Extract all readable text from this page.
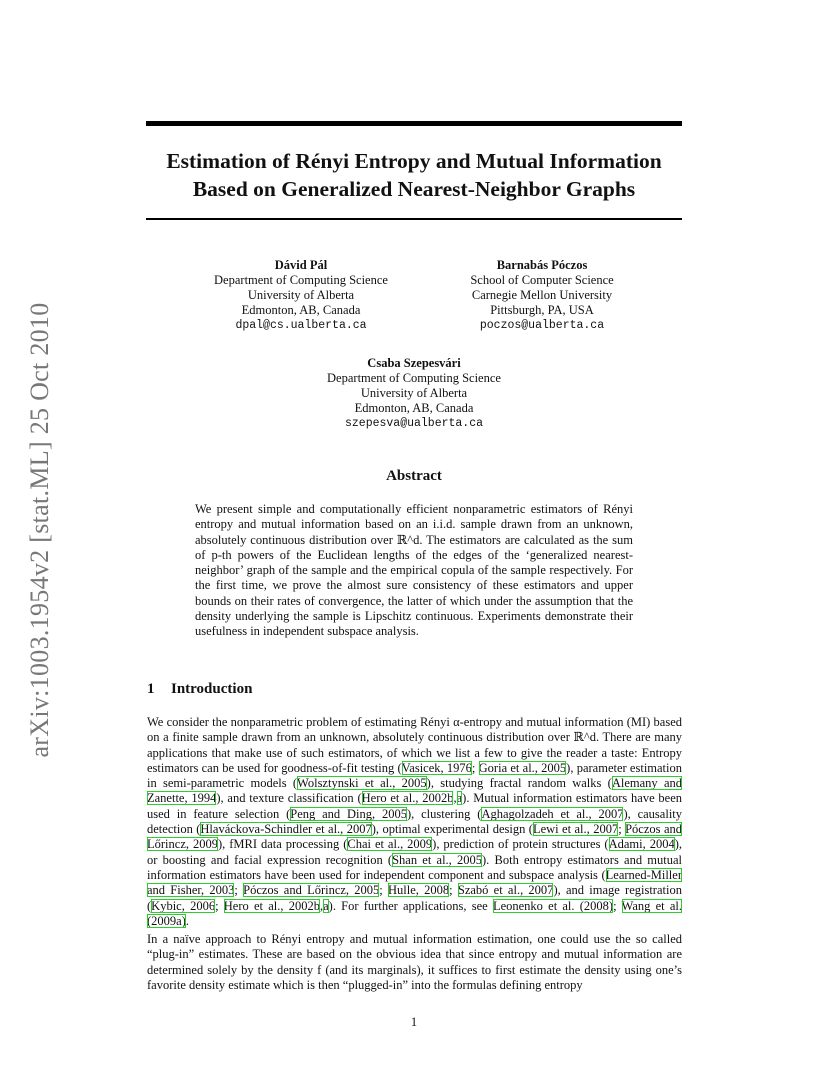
arXiv:1003.1954v2 [stat.ML] 25 Oct 2010
Estimation of Rényi Entropy and Mutual Information
Based on Generalized Nearest-Neighbor Graphs
Dávid Pál
Department of Computing Science
University of Alberta
Edmonton, AB, Canada
dpal@cs.ualberta.ca
Barnabás Póczos
School of Computer Science
Carnegie Mellon University
Pittsburgh, PA, USA
poczos@ualberta.ca
Csaba Szepesvári
Department of Computing Science
University of Alberta
Edmonton, AB, Canada
szepesva@ualberta.ca
Abstract
We present simple and computationally efficient nonparametric estimators of Rényi entropy and mutual information based on an i.i.d. sample drawn from an unknown, absolutely continuous distribution over ℝ^d. The estimators are calculated as the sum of p-th powers of the Euclidean lengths of the edges of the ‘generalized nearest-neighbor’ graph of the sample and the empirical copula of the sample respectively. For the first time, we prove the almost sure consistency of these estimators and upper bounds on their rates of convergence, the latter of which under the assumption that the density underlying the sample is Lipschitz continuous. Experiments demonstrate their usefulness in independent subspace analysis.
1 Introduction
We consider the nonparametric problem of estimating Rényi α-entropy and mutual information (MI) based on a finite sample drawn from an unknown, absolutely continuous distribution over ℝ^d. There are many applications that make use of such estimators, of which we list a few to give the reader a taste: Entropy estimators can be used for goodness-of-fit testing (Vasicek, 1976; Goria et al., 2005), parameter estimation in semi-parametric models (Wolsztynski et al., 2005), studying fractal random walks (Alemany and Zanette, 1994), and texture classification (Hero et al., 2002b,a). Mutual information estimators have been used in feature selection (Peng and Ding, 2005), clustering (Aghagolzadeh et al., 2007), causality detection (Hlaváckova-Schindler et al., 2007), optimal experimental design (Lewi et al., 2007; Póczos and Lőrincz, 2009), fMRI data processing (Chai et al., 2009), prediction of protein structures (Adami, 2004), or boosting and facial expression recognition (Shan et al., 2005). Both entropy estimators and mutual information estimators have been used for independent component and subspace analysis (Learned-Miller and Fisher, 2003; Póczos and Lőrincz, 2005; Hulle, 2008; Szabó et al., 2007), and image registration (Kybic, 2006; Hero et al., 2002b,a). For further applications, see Leonenko et al. (2008); Wang et al. (2009a).
In a naïve approach to Rényi entropy and mutual information estimation, one could use the so called “plug-in” estimates. These are based on the obvious idea that since entropy and mutual information are determined solely by the density f (and its marginals), it suffices to first estimate the density using one’s favorite density estimate which is then “plugged-in” into the formulas defining entropy
1
